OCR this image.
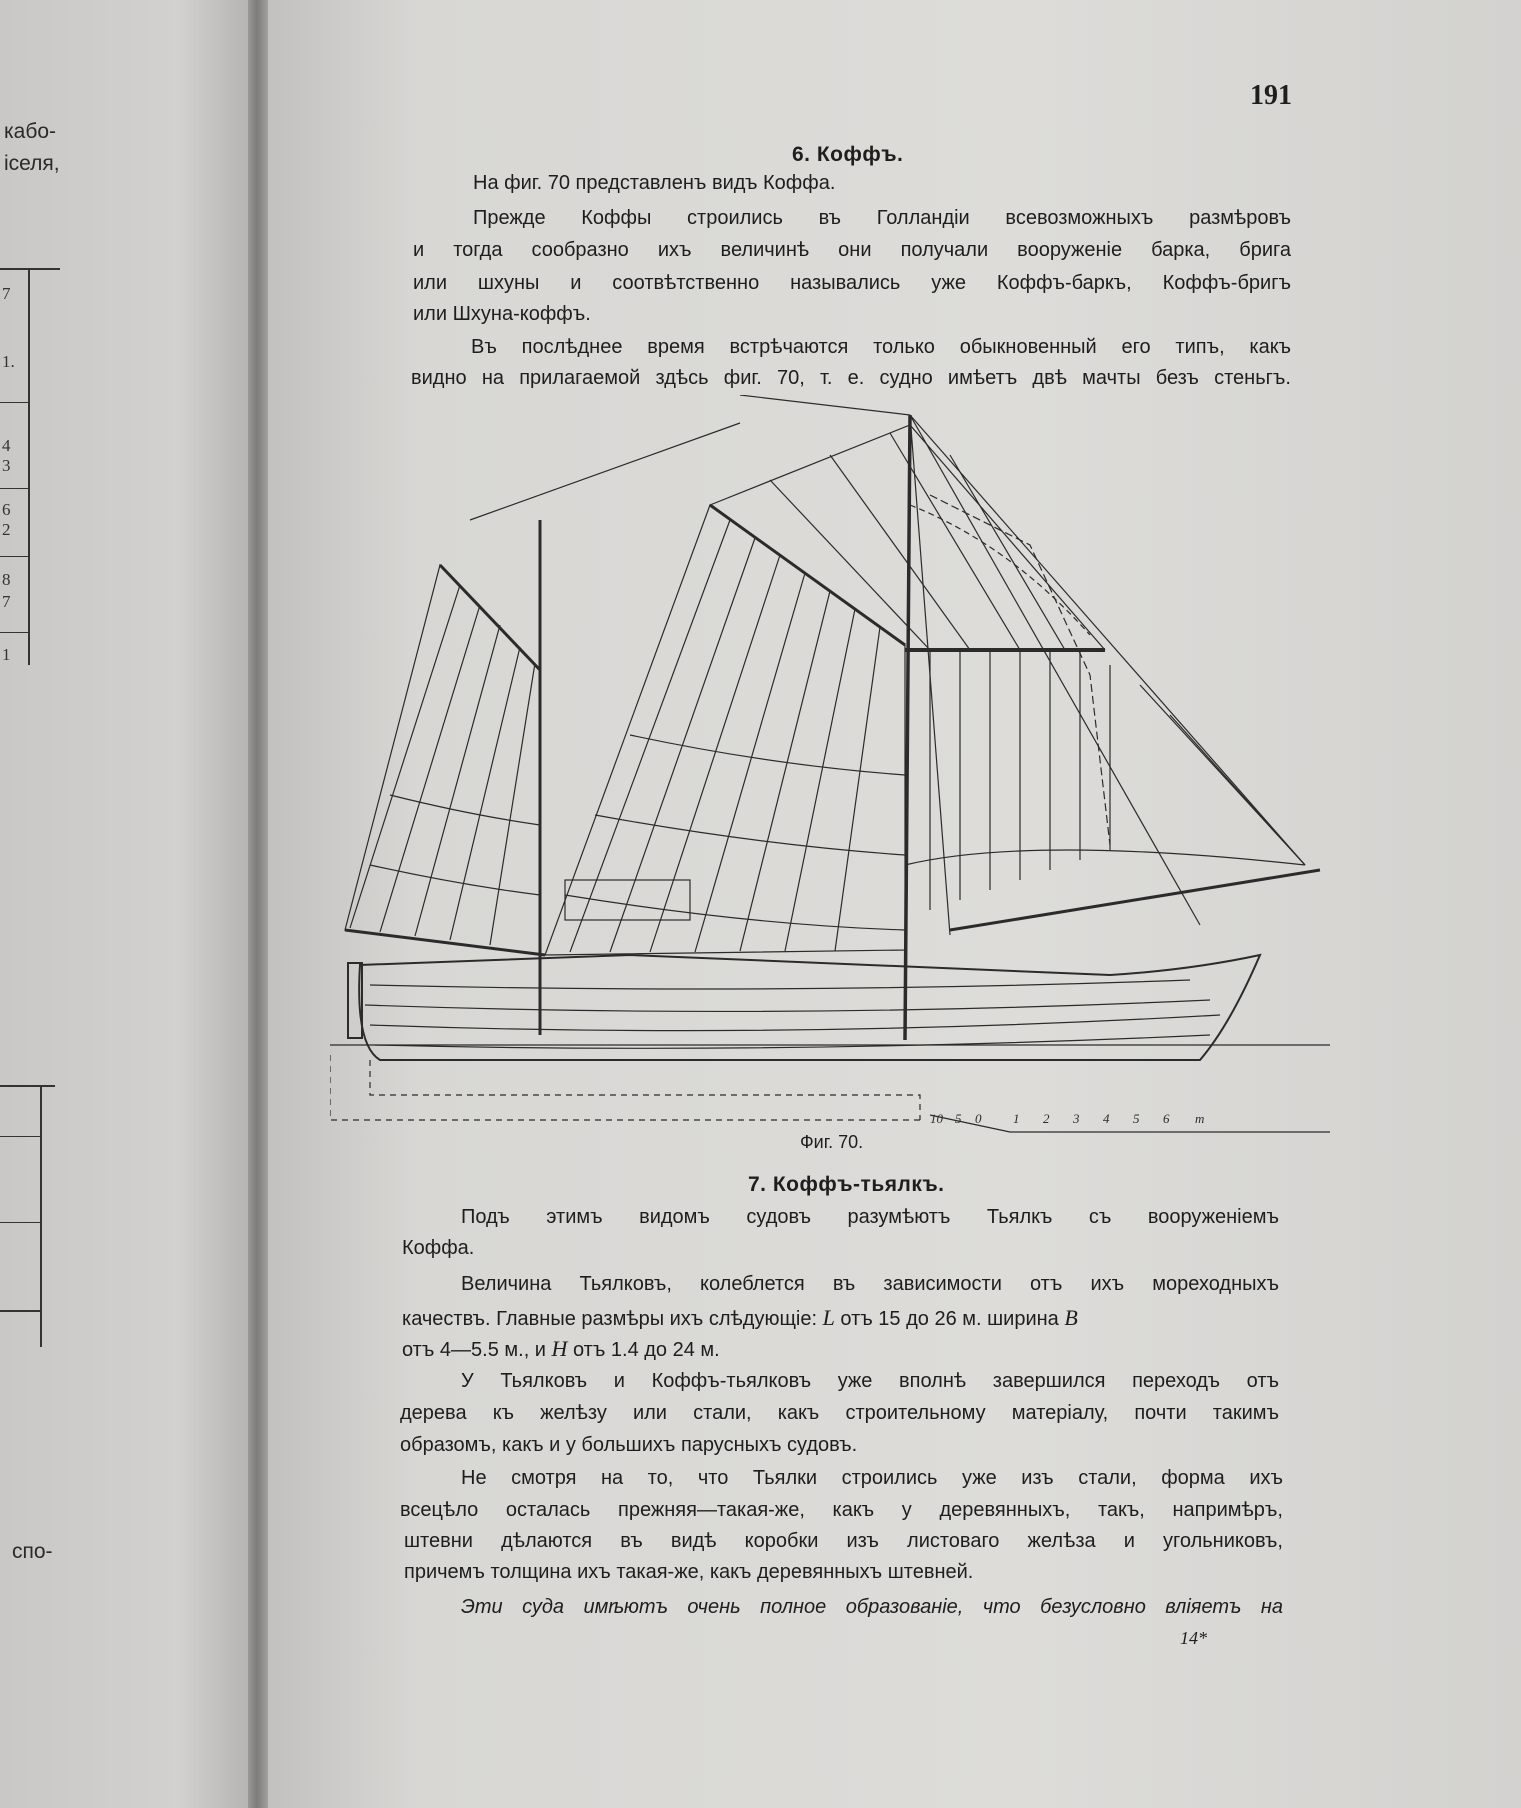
кабо-
iселя,
7
1.
4
3
6
2
8
7
1
спо-
191
6. Коффъ.
На фиг. 70 представленъ видъ Коффа.
Прежде Коффы строились въ Голландiи всевозможныхъ размѣровъ
и тогда сообразно ихъ величинѣ они получали вооруженiе барка, брига
или шхуны и соотвѣтственно назывались уже Коффъ-баркъ, Коффъ-бригъ
или Шхуна-коффъ.
Въ послѣднее время встрѣчаются только обыкновенный его типъ, какъ
видно на прилагаемой здѣсь фиг. 70, т. е. судно имѣетъ двѣ мачты безъ стеньгъ.
10 5 0 1 2 3 4 5 6 m
Фиг. 70.
7. Коффъ-тьялкъ.
Подъ этимъ видомъ судовъ разумѣютъ Тьялкъ съ вооруженiемъ
Коффа.
Величина Тьялковъ, колеблется въ зависимости отъ ихъ мореходныхъ
качествъ. Главные размѣры ихъ слѣдующiе: L отъ 15 до 26 м. ширина B
отъ 4—5.5 м., и H отъ 1.4 до 24 м.
У Тьялковъ и Коффъ-тьялковъ уже вполнѣ завершился переходъ отъ
дерева къ желѣзу или стали, какъ строительному матерiалу, почти такимъ
образомъ, какъ и у большихъ парусныхъ судовъ.
Не смотря на то, что Тьялки строились уже изъ стали, форма ихъ
всецѣло осталась прежняя—такая-же, какъ у деревянныхъ, такъ, напримѣръ,
штевни дѣлаются въ видѣ коробки изъ листоваго желѣза и угольниковъ,
причемъ толщина ихъ такая-же, какъ деревянныхъ штевней.
Эти суда имѣютъ очень полное образованiе, что безусловно влiяетъ на
14*
